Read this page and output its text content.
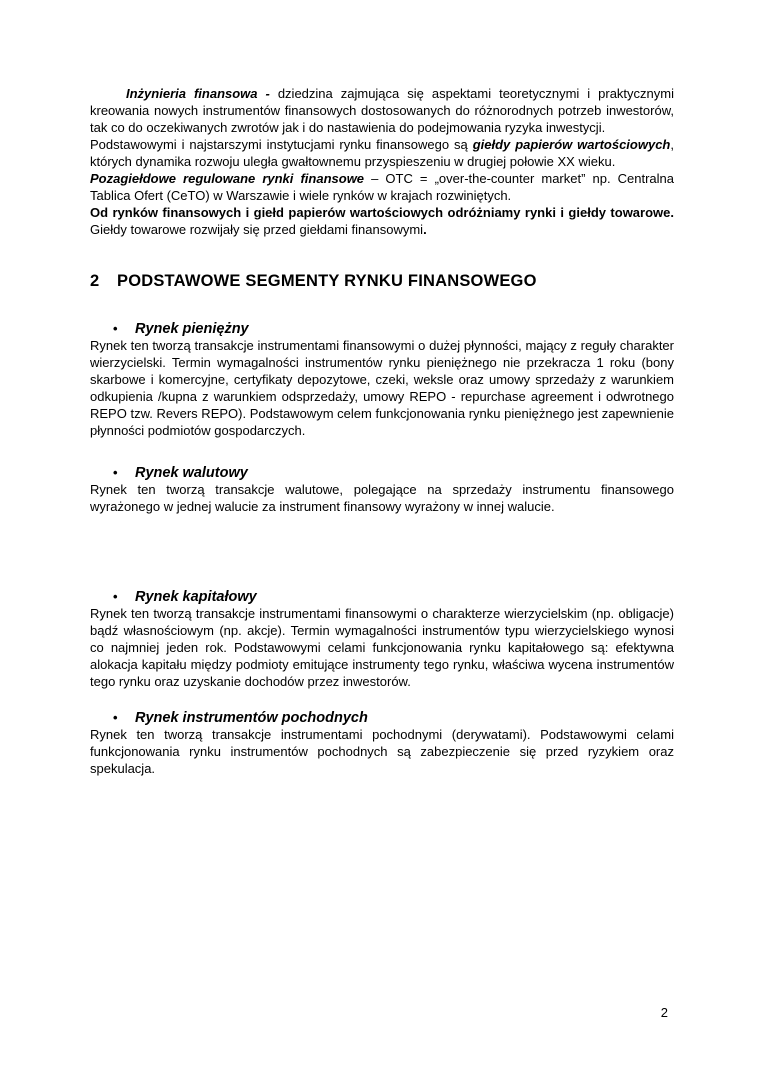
Inżynieria finansowa - dziedzina zajmująca się aspektami teoretycznymi i praktycznymi kreowania nowych instrumentów finansowych dostosowanych do różnorodnych potrzeb inwestorów, tak co do oczekiwanych zwrotów jak i do nastawienia do podejmowania ryzyka inwestycji.

Podstawowymi i najstarszymi instytucjami rynku finansowego są giełdy papierów wartościowych, których dynamika rozwoju uległa gwałtownemu przyspieszeniu w drugiej połowie XX wieku.

Pozagiełdowe regulowane rynki finansowe – OTC = „over-the-counter market” np. Centralna Tablica Ofert (CeTO) w Warszawie i wiele rynków w krajach rozwiniętych.

Od rynków finansowych i giełd papierów wartościowych odróżniamy rynki i giełdy towarowe. Giełdy towarowe rozwijały się przed giełdami finansowymi.

2	PODSTAWOWE SEGMENTY RYNKU FINANSOWEGO
•	Rynek pieniężny

Rynek ten tworzą transakcje instrumentami finansowymi o dużej płynności, mający z reguły charakter wierzycielski. Termin wymagalności instrumentów rynku pieniężnego nie przekracza 1 roku (bony skarbowe i komercyjne, certyfikaty depozytowe, czeki, weksle oraz umowy sprzedaży z warunkiem odkupienia /kupna z warunkiem odsprzedaży, umowy REPO - repurchase agreement i odwrotnego REPO tzw. Revers REPO). Podstawowym celem funkcjonowania rynku pieniężnego jest zapewnienie płynności podmiotów gospodarczych.

•	Rynek walutowy

Rynek ten tworzą transakcje walutowe, polegające na sprzedaży instrumentu finansowego wyrażonego w jednej walucie za instrument finansowy wyrażony w innej walucie.

•	Rynek kapitałowy

Rynek ten tworzą transakcje instrumentami finansowymi o charakterze wierzycielskim (np. obligacje) bądź własnościowym (np. akcje). Termin wymagalności instrumentów typu wierzycielskiego wynosi co najmniej jeden rok. Podstawowymi celami funkcjonowania rynku kapitałowego są: efektywna alokacja kapitału między podmioty emitujące instrumenty tego rynku, właściwa wycena instrumentów tego rynku oraz uzyskanie dochodów przez inwestorów.

•	Rynek instrumentów pochodnych

Rynek ten tworzą transakcje instrumentami pochodnymi (derywatami). Podstawowymi celami funkcjonowania rynku instrumentów pochodnych są zabezpieczenie się przed ryzykiem oraz spekulacja.

2
